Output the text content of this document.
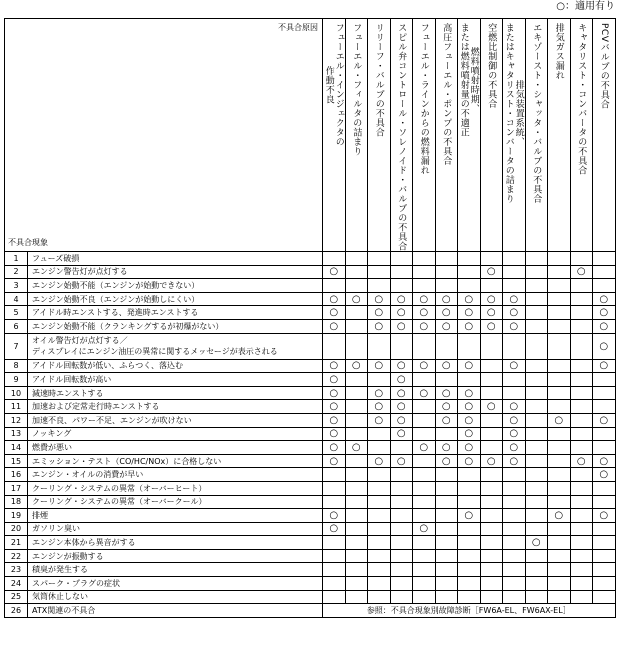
○：適用有り
不具合原因
不具合現象		フューエル・インジェクタの
作動不良	フューエル・フィルタの詰まり	リリーフ・バルブの不具合	スピル弁コントロール・ソレノイド・バルブの不具合	フューエル・ラインからの燃料漏れ	高圧フューエル・ポンプの不具合	燃料噴射時期、
または燃料噴射量の不適正	空燃比制御の不具合	排気装置系統、
またはキャタリスト・コンバータの詰まり	エキゾースト・シャッタ・バルブの不具合	排気ガス漏れ	キャタリスト・コンバータの不具合	PCVバルブの不具合

1	フューズ破損													
2	エンジン警告灯が点灯する	○							○				○	
3	エンジン始動不能（エンジンが始動できない）													
4	エンジン始動不良（エンジンが始動しにくい）	○	○	○	○	○	○	○	○	○				○
5	アイドル時エンストする、発進時エンストする	○		○	○	○	○	○	○	○				○
6	エンジン始動不能（クランキングするが初爆がない）	○		○	○	○	○	○	○	○				○
7	オイル警告灯が点灯する／
ディスプレイにエンジン油圧の異常に関するメッセージが表示される													○
8	アイドル回転数が低い、ふらつく、落込む	○	○	○	○	○	○	○		○				○
9	アイドル回転数が高い	○			○									
10	減速時エンストする	○		○	○	○	○	○						
11	加速および定常走行時エンストする	○		○	○		○	○	○	○				
12	加速不良、パワー不足、エンジンが吹けない	○		○	○		○	○		○		○		○
13	ノッキング	○			○			○		○				
14	燃費が悪い	○	○			○	○	○		○				
15	エミッション・テスト（CO/HC/NOx）に合格しない	○		○	○		○	○	○	○			○	○
16	エンジン・オイルの消費が早い													○
17	クーリング・システムの異常（オーバーヒート）													
18	クーリング・システムの異常（オーバークール）													
19	排煙	○						○				○		○
20	ガソリン臭い	○				○								
21	エンジン本体から異音がする										○			
22	エンジンが振動する													
23	積臭が発生する													
24	スパーク・プラグの症状													
25	気筒休止しない													
26	ATX関連の不具合	参照：不具合現象別故障診断［FW6A-EL、FW6AX-EL］												
